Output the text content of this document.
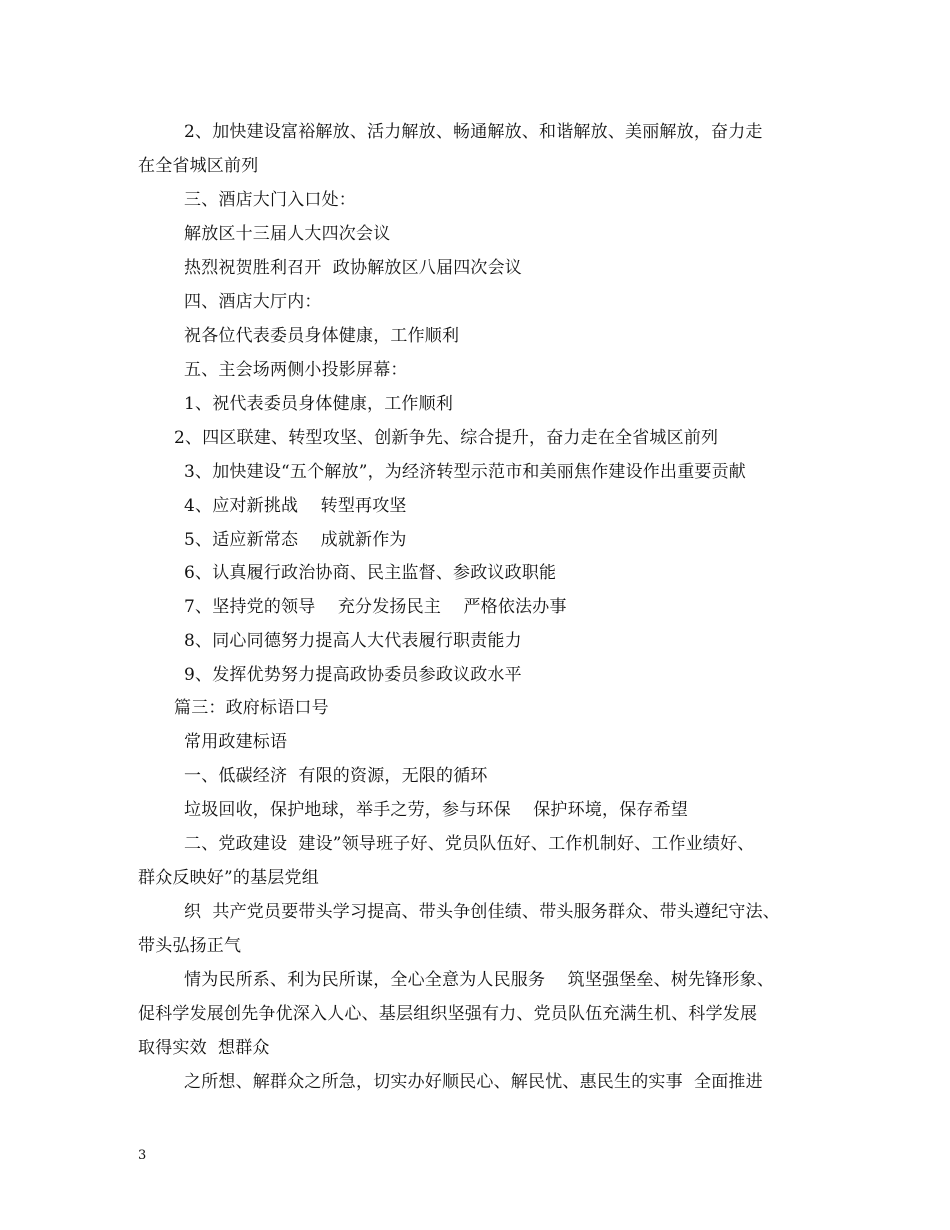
2、加快建设富裕解放、活力解放、畅通解放、和谐解放、美丽解放，奋力走
在全省城区前列
三、酒店大门入口处：
解放区十三届人大四次会议
热烈祝贺胜利召开  政协解放区八届四次会议
四、酒店大厅内：
祝各位代表委员身体健康，工作顺利
五、主会场两侧小投影屏幕：
1、祝代表委员身体健康，工作顺利
2、四区联建、转型攻坚、创新争先、综合提升，奋力走在全省城区前列
3、加快建设“五个解放”，为经济转型示范市和美丽焦作建设作出重要贡献
4、应对新挑战    转型再攻坚
5、适应新常态    成就新作为
6、认真履行政治协商、民主监督、参政议政职能
7、坚持党的领导    充分发扬民主    严格依法办事
8、同心同德努力提高人大代表履行职责能力
9、发挥优势努力提高政协委员参政议政水平
篇三：政府标语口号
常用政建标语
一、低碳经济  有限的资源，无限的循环
垃圾回收，保护地球，举手之劳，参与环保    保护环境，保存希望
二、党政建设  建设”领导班子好、党员队伍好、工作机制好、工作业绩好、
群众反映好”的基层党组
织  共产党员要带头学习提高、带头争创佳绩、带头服务群众、带头遵纪守法、
带头弘扬正气
情为民所系、利为民所谋，全心全意为人民服务    筑坚强堡垒、树先锋形象、
促科学发展创先争优深入人心、基层组织坚强有力、党员队伍充满生机、科学发展
取得实效  想群众
之所想、解群众之所急，切实办好顺民心、解民忧、惠民生的实事  全面推进
3
